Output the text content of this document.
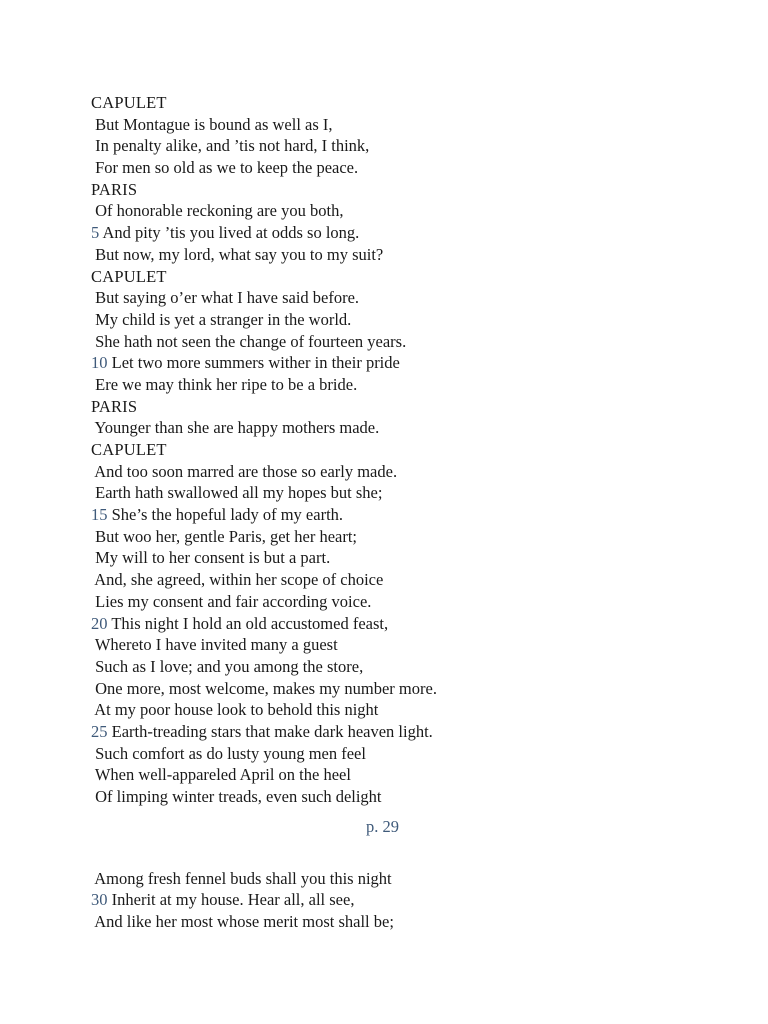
CAPULET
But Montague is bound as well as I,
In penalty alike, and ’tis not hard, I think,
For men so old as we to keep the peace.
PARIS
Of honorable reckoning are you both,
5 And pity ’tis you lived at odds so long.
But now, my lord, what say you to my suit?
CAPULET
But saying o’er what I have said before.
My child is yet a stranger in the world.
She hath not seen the change of fourteen years.
10 Let two more summers wither in their pride
Ere we may think her ripe to be a bride.
PARIS
Younger than she are happy mothers made.
CAPULET
And too soon marred are those so early made.
Earth hath swallowed all my hopes but she;
15 She’s the hopeful lady of my earth.
But woo her, gentle Paris, get her heart;
My will to her consent is but a part.
And, she agreed, within her scope of choice
Lies my consent and fair according voice.
20 This night I hold an old accustomed feast,
Whereto I have invited many a guest
Such as I love; and you among the store,
One more, most welcome, makes my number more.
At my poor house look to behold this night
25 Earth-treading stars that make dark heaven light.
Such comfort as do lusty young men feel
When well-appareled April on the heel
Of limping winter treads, even such delight
p. 29
Among fresh fennel buds shall you this night
30 Inherit at my house. Hear all, all see,
And like her most whose merit most shall be;
